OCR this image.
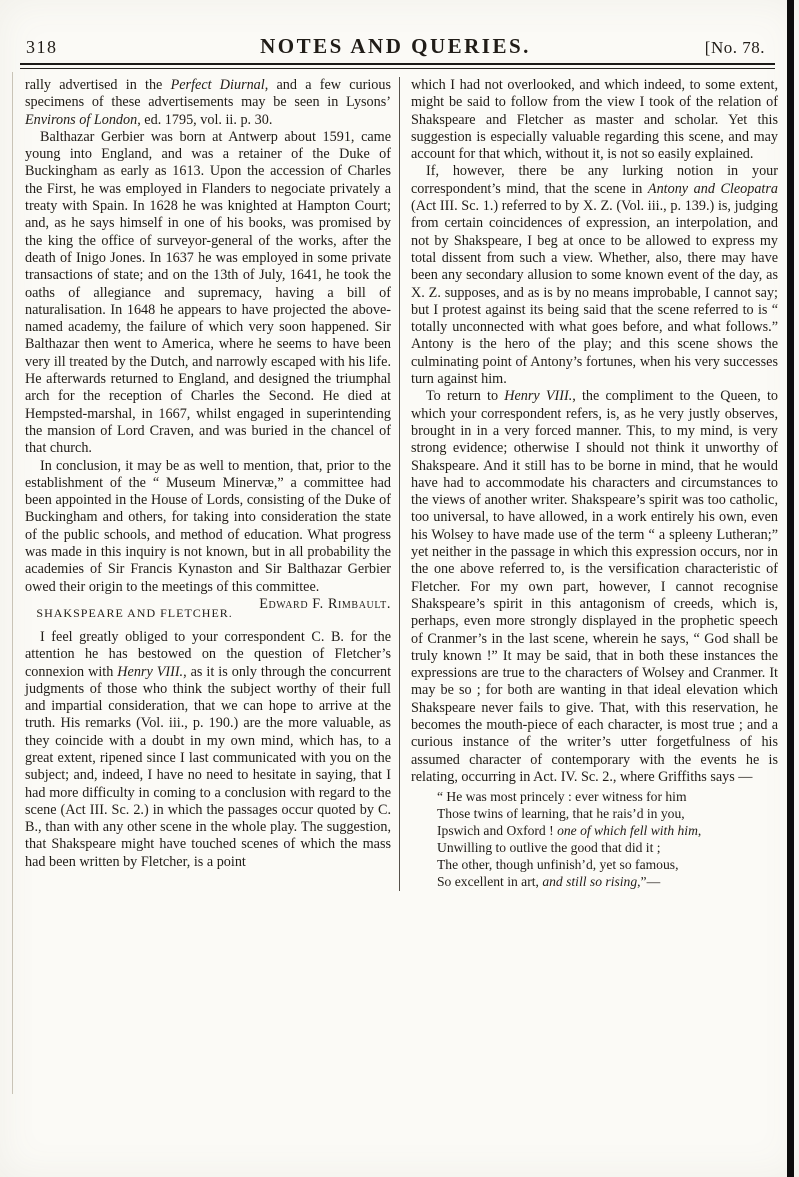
318	NOTES AND QUERIES.	[No. 78.

rally advertised in the Perfect Diurnal, and a few curious specimens of these advertisements may be seen in Lysons’ Environs of London, ed. 1795, vol. ii. p. 30.

Balthazar Gerbier was born at Antwerp about 1591, came young into England, and was a retainer of the Duke of Buckingham as early as 1613. Upon the accession of Charles the First, he was employed in Flanders to negociate privately a treaty with Spain. In 1628 he was knighted at Hampton Court; and, as he says himself in one of his books, was promised by the king the office of surveyor-general of the works, after the death of Inigo Jones. In 1637 he was employed in some private transactions of state; and on the 13th of July, 1641, he took the oaths of allegiance and supremacy, having a bill of naturalisation. In 1648 he appears to have projected the above-named academy, the failure of which very soon happened. Sir Balthazar then went to America, where he seems to have been very ill treated by the Dutch, and narrowly escaped with his life. He afterwards returned to England, and designed the triumphal arch for the reception of Charles the Second. He died at Hempsted-marshal, in 1667, whilst engaged in superintending the mansion of Lord Craven, and was buried in the chancel of that church.

In conclusion, it may be as well to mention, that, prior to the establishment of the “ Museum Minervæ,” a committee had been appointed in the House of Lords, consisting of the Duke of Buckingham and others, for taking into consideration the state of the public schools, and method of education. What progress was made in this inquiry is not known, but in all probability the academies of Sir Francis Kynaston and Sir Balthazar Gerbier owed their origin to the meetings of this committee.
Edward F. Rimbault.

SHAKSPEARE AND FLETCHER.

I feel greatly obliged to your correspondent C. B. for the attention he has bestowed on the question of Fletcher’s connexion with Henry VIII., as it is only through the concurrent judgments of those who think the subject worthy of their full and impartial consideration, that we can hope to arrive at the truth. His remarks (Vol. iii., p. 190.) are the more valuable, as they coincide with a doubt in my own mind, which has, to a great extent, ripened since I last communicated with you on the subject; and, indeed, I have no need to hesitate in saying, that I had more difficulty in coming to a conclusion with regard to the scene (Act III. Sc. 2.) in which the passages occur quoted by C. B., than with any other scene in the whole play. The suggestion, that Shakspeare might have touched scenes of which the mass had been written by Fletcher, is a point

which I had not overlooked, and which indeed, to some extent, might be said to follow from the view I took of the relation of Shakspeare and Fletcher as master and scholar. Yet this suggestion is especially valuable regarding this scene, and may account for that which, without it, is not so easily explained.

If, however, there be any lurking notion in your correspondent’s mind, that the scene in Antony and Cleopatra (Act III. Sc. 1.) referred to by X. Z. (Vol. iii., p. 139.) is, judging from certain coincidences of expression, an interpolation, and not by Shakspeare, I beg at once to be allowed to express my total dissent from such a view. Whether, also, there may have been any secondary allusion to some known event of the day, as X. Z. supposes, and as is by no means improbable, I cannot say; but I protest against its being said that the scene referred to is “ totally unconnected with what goes before, and what follows.” Antony is the hero of the play; and this scene shows the culminating point of Antony’s fortunes, when his very successes turn against him.

To return to Henry VIII., the compliment to the Queen, to which your correspondent refers, is, as he very justly observes, brought in in a very forced manner. This, to my mind, is very strong evidence; otherwise I should not think it unworthy of Shakspeare. And it still has to be borne in mind, that he would have had to accommodate his characters and circumstances to the views of another writer. Shakspeare’s spirit was too catholic, too universal, to have allowed, in a work entirely his own, even his Wolsey to have made use of the term “ a spleeny Lutheran;” yet neither in the passage in which this expression occurs, nor in the one above referred to, is the versification characteristic of Fletcher. For my own part, however, I cannot recognise Shakspeare’s spirit in this antagonism of creeds, which is, perhaps, even more strongly displayed in the prophetic speech of Cranmer’s in the last scene, wherein he says, “ God shall be truly known !” It may be said, that in both these instances the expressions are true to the characters of Wolsey and Cranmer. It may be so ; for both are wanting in that ideal elevation which Shakspeare never fails to give. That, with this reservation, he becomes the mouth-piece of each character, is most true ; and a curious instance of the writer’s utter forgetfulness of his assumed character of contemporary with the events he is relating, occurring in Act. IV. Sc. 2., where Griffiths says —

“ He was most princely : ever witness for him
Those twins of learning, that he rais’d in you,
Ipswich and Oxford ! one of which fell with him,
Unwilling to outlive the good that did it ;
The other, though unfinish’d, yet so famous,
So excellent in art, and still so rising,”—
